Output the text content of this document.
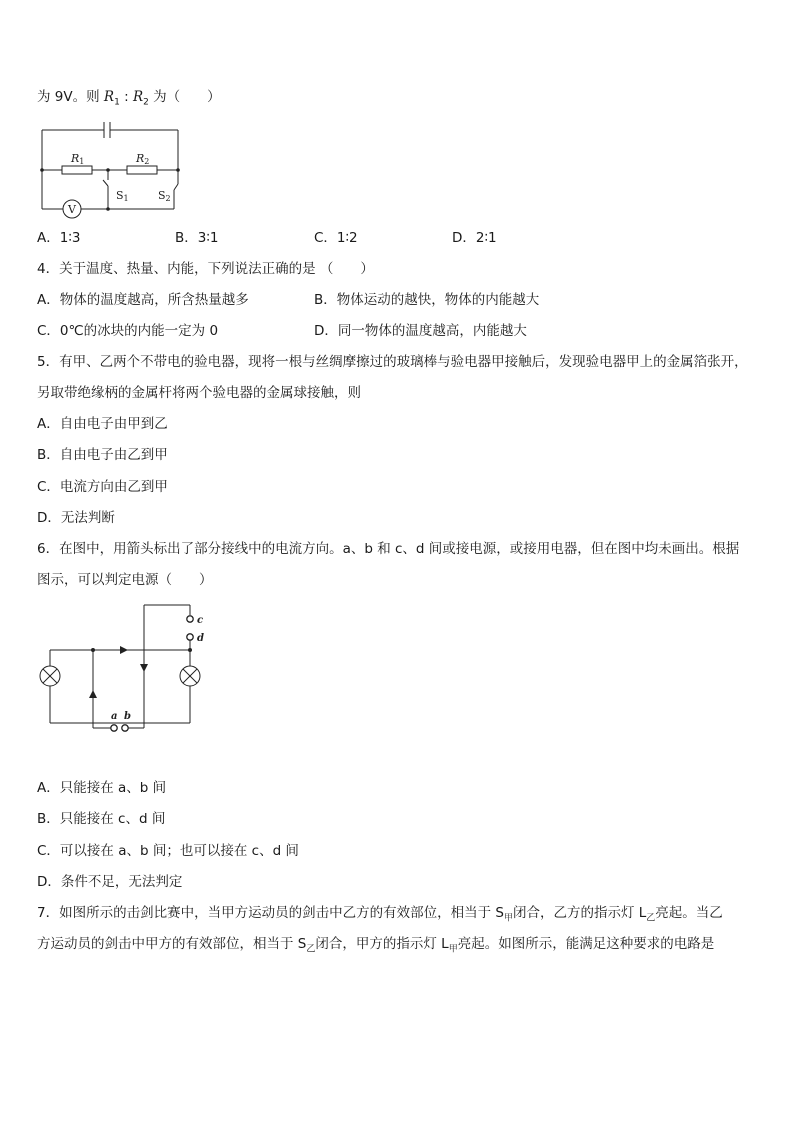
为 9V。则 $R_1$ : $R_2$ 为（　　）
V
R1	R2
S1	S2
A．1∶3	B．3∶1	C．1∶2	D．2∶1
4．关于温度、热量、内能，下列说法正确的是 （　　）
A．物体的温度越高，所含热量越多	B．物体运动的越快，物体的内能越大
C．0℃的冰块的内能一定为 0	D．同一物体的温度越高，内能越大
5．有甲、乙两个不带电的验电器，现将一根与丝绸摩擦过的玻璃棒与验电器甲接触后，发现验电器甲上的金属箔张开，
另取带绝缘柄的金属杆将两个验电器的金属球接触，则
A．自由电子由甲到乙
B．自由电子由乙到甲
C．电流方向由乙到甲
D．无法判断
6．在图中，用箭头标出了部分接线中的电流方向。a、b 和 c、d 间或接电源，或接用电器，但在图中均未画出。根据
图示，可以判定电源（　　）
c
d
a b
A．只能接在 a、b 间
B．只能接在 c、d 间
C．可以接在 a、b 间；也可以接在 c、d 间
D．条件不足，无法判定
7．如图所示的击剑比赛中，当甲方运动员的剑击中乙方的有效部位，相当于 $S_甲$闭合，乙方的指示灯 $L_乙$亮起。当乙
方运动员的剑击中甲方的有效部位，相当于 $S_乙$闭合，甲方的指示灯 $L_甲$亮起。如图所示，能满足这种要求的电路是
